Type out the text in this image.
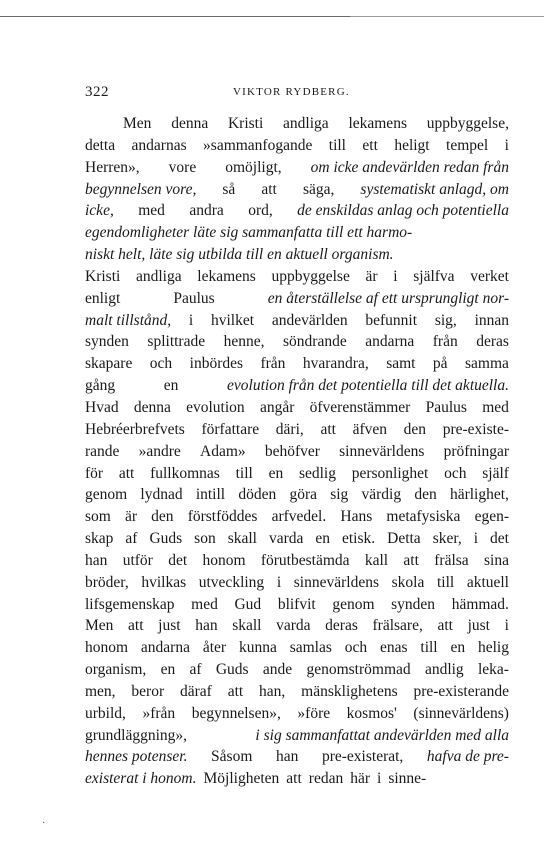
322	VIKTOR RYDBERG.
Men denna Kristi andliga lekamens uppbyggelse,
detta andarnas »sammanfogande till ett heligt tempel i
Herren», vore omöjligt, om icke andevärlden redan från
begynnelsen vore, så att säga, systematiskt anlagd, om
icke, med andra ord, de enskildas anlag och potentiella
egendomligheter läte sig sammanfatta till ett harmo-
niskt helt, läte sig utbilda till en aktuell organism.
Kristi andliga lekamens uppbyggelse är i själfva verket
enligt	Paulus	en återställelse af ett ursprungligt nor-
malt tillstånd, i hvilket andevärlden befunnit sig, innan
synden splittrade henne, söndrande andarna från deras
skapare och inbördes från hvarandra, samt på samma
gång	en	evolution från det potentiella till det aktuella.
Hvad denna evolution angår öfverenstämmer Paulus med
Hebréerbrefvets författare däri, att äfven den pre-existe-
rande »andre Adam» behöfver sinnevärldens pröfningar
för att fullkomnas till en sedlig personlighet och själf
genom lydnad intill döden göra sig värdig den härlighet,
som är den förstföddes arfvedel. Hans metafysiska egen-
skap af Guds son skall varda en etisk. Detta sker, i det
han utför det honom förutbestämda kall att frälsa sina
bröder, hvilkas utveckling i sinnevärldens skola till aktuell
lifsgemenskap med Gud blifvit genom synden hämmad.
Men att just han skall varda deras frälsare, att just i
honom andarna åter kunna samlas och enas till en helig
organism, en af Guds ande genomströmmad andlig leka-
men, beror däraf att han, mänsklighetens pre-existerande
urbild, »från begynnelsen», »före kosmos' (sinnevärldens)
grundläggning»,	i sig sammanfattat andevärlden med alla
hennes potenser. Såsom han pre-existerat, hafva de pre-
existerat i honom. Möjligheten att redan här i sinne-
·
